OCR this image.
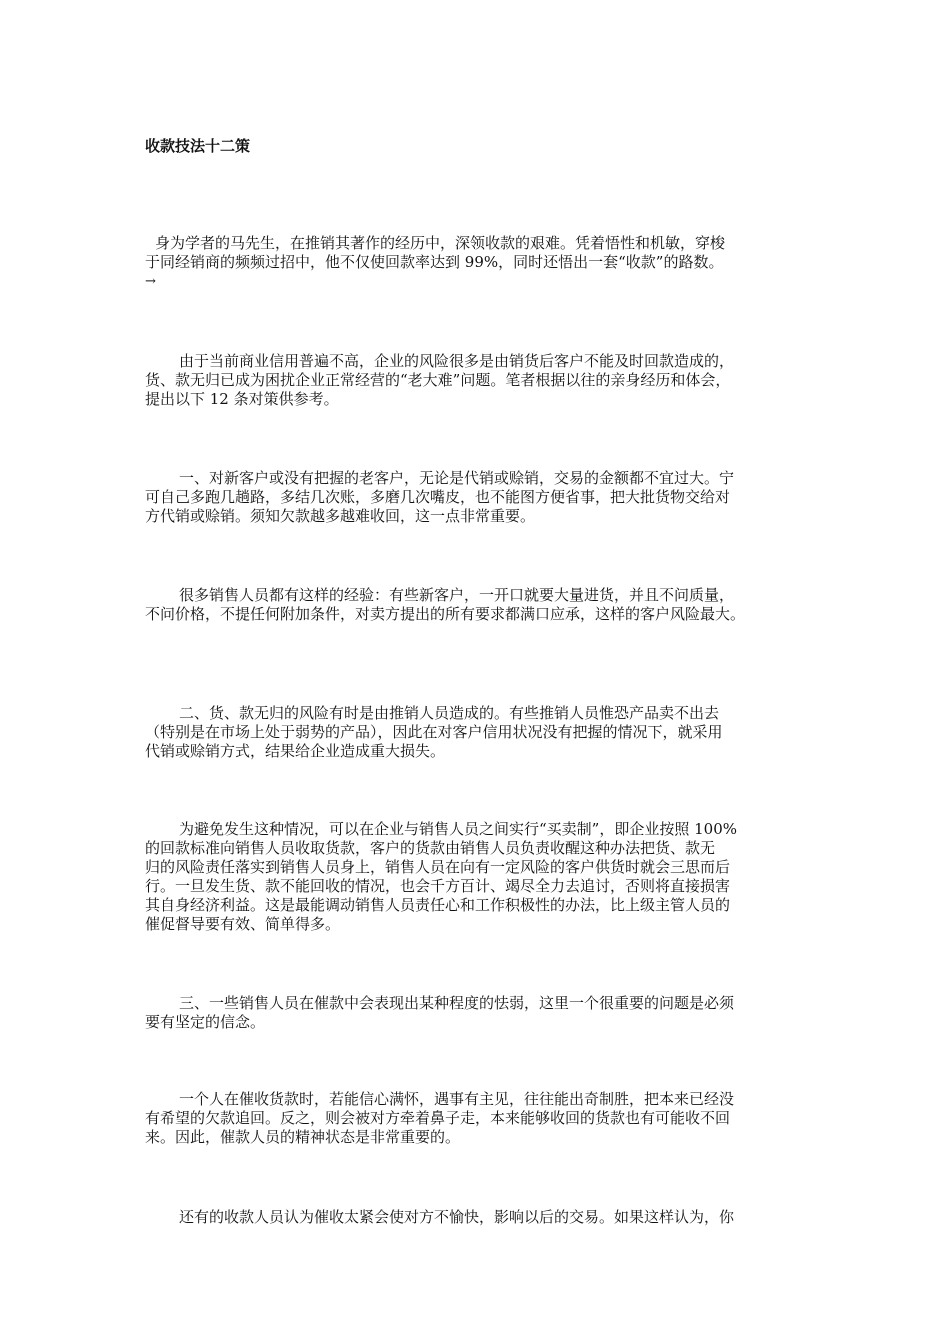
收款技法十二策
身为学者的马先生，在推销其著作的经历中，深领收款的艰难。凭着悟性和机敏，穿梭
于同经销商的频频过招中，他不仅使回款率达到 99%，同时还悟出一套“收款”的路数。
→
由于当前商业信用普遍不高，企业的风险很多是由销货后客户不能及时回款造成的，
货、款无归已成为困扰企业正常经营的“老大难”问题。笔者根据以往的亲身经历和体会，
提出以下 12 条对策供参考。
一、对新客户或没有把握的老客户，无论是代销或赊销，交易的金额都不宜过大。宁
可自己多跑几趟路，多结几次账，多磨几次嘴皮，也不能图方便省事，把大批货物交给对
方代销或赊销。须知欠款越多越难收回，这一点非常重要。
很多销售人员都有这样的经验：有些新客户，一开口就要大量进货，并且不问质量，
不问价格，不提任何附加条件，对卖方提出的所有要求都满口应承，这样的客户风险最大。
二、货、款无归的风险有时是由推销人员造成的。有些推销人员惟恐产品卖不出去
（特别是在市场上处于弱势的产品），因此在对客户信用状况没有把握的情况下，就采用
代销或赊销方式，结果给企业造成重大损失。
为避免发生这种情况，可以在企业与销售人员之间实行“买卖制”，即企业按照 100%
的回款标准向销售人员收取货款，客户的货款由销售人员负责收醒这种办法把货、款无
归的风险责任落实到销售人员身上，销售人员在向有一定风险的客户供货时就会三思而后
行。一旦发生货、款不能回收的情况，也会千方百计、竭尽全力去追讨，否则将直接损害
其自身经济利益。这是最能调动销售人员责任心和工作积极性的办法，比上级主管人员的
催促督导要有效、简单得多。
三、一些销售人员在催款中会表现出某种程度的怯弱，这里一个很重要的问题是必须
要有坚定的信念。
一个人在催收货款时，若能信心满怀，遇事有主见，往往能出奇制胜，把本来已经没
有希望的欠款追回。反之，则会被对方牵着鼻子走，本来能够收回的货款也有可能收不回
来。因此，催款人员的精神状态是非常重要的。
还有的收款人员认为催收太紧会使对方不愉快，影响以后的交易。如果这样认为，你
